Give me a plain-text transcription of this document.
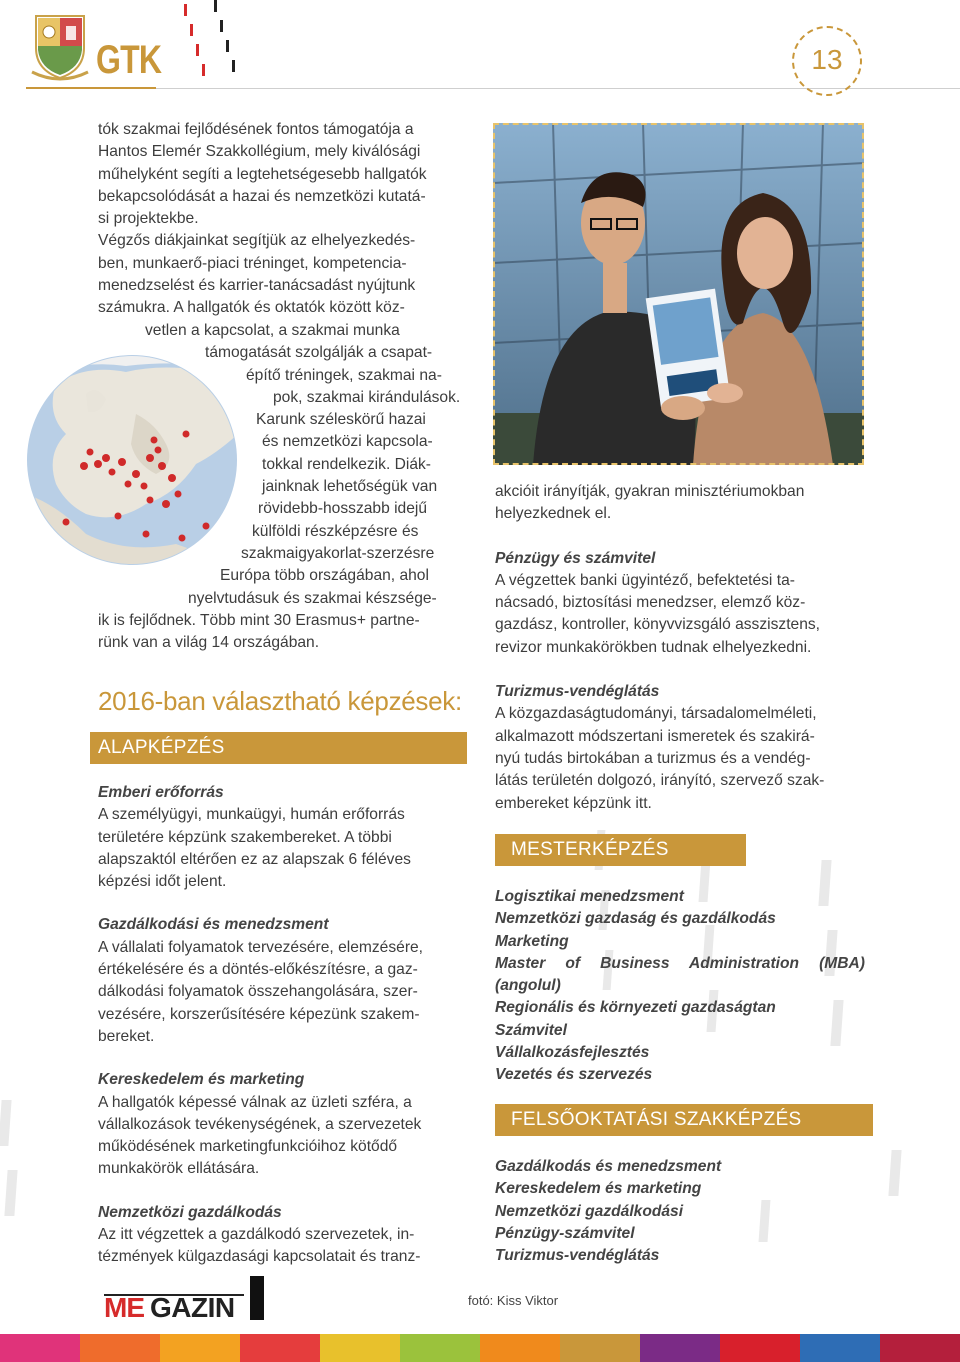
GTK	13
tók szakmai fejlődésének fontos támogatója a
Hantos Elemér Szakkollégium, mely kiválósági
műhelyként segíti a legtehetségesebb hallgatók
bekapcsolódását a hazai és nemzetközi kutatá-
si projektekbe.
Végzős diákjainkat segítjük az elhelyezkedés-
ben, munkaerő-piaci tréninget, kompetencia-
menedzselést és karrier-tanácsadást nyújtunk
számukra. A hallgatók és oktatók között köz-
vetlen a kapcsolat, a szakmai munka
támogatását szolgálják a csapat-
építő tréningek, szakmai na-
pok, szakmai kirándulások.
Karunk széleskörű hazai
és nemzetközi kapcsola-
tokkal rendelkezik. Diák-
jainknak lehetőségük van
rövidebb-hosszabb idejű
külföldi részképzésre és
szakmaigyakorlat-szerzésre
Európa több országában, ahol
nyelvtudásuk és szakmai készsége-
ik is fejlődnek. Több mint 30 Erasmus+ partne-
rünk van a világ 14 országában.
akcióit irányítják, gyakran minisztériumokban
helyezkednek el.
Pénzügy és számvitel
A végzettek banki ügyintéző, befektetési ta-
nácsadó, biztosítási menedzser, elemző köz-
gazdász, kontroller, könyvvizsgáló asszisztens,
revizor munkakörökben tudnak elhelyezkedni.
Turizmus-vendéglátás
A közgazdaságtudományi, társadalomelméleti,
alkalmazott módszertani ismeretek és szakirá-
nyú tudás birtokában a turizmus és a vendég-
látás területén dolgozó, irányító, szervező szak-
embereket képzünk itt.
2016-ban választható képzések:
ALAPKÉPZÉS
Emberi erőforrás
A személyügyi, munkaügyi, humán erőforrás
területére képzünk szakembereket. A többi
alapszaktól eltérően ez az alapszak 6 féléves
képzési időt jelent.
Gazdálkodási és menedzsment
A vállalati folyamatok tervezésére, elemzésére,
értékelésére és a döntés-előkészítésre, a gaz-
dálkodási folyamatok összehangolására, szer-
vezésére, korszerűsítésére képezünk szakem-
bereket.
Kereskedelem és marketing
A hallgatók képessé válnak az üzleti szféra, a
vállalkozások tevékenységének, a szervezetek
működésének marketingfunkcióihoz kötődő
munkakörök ellátására.
Nemzetközi gazdálkodás
Az itt végzettek a gazdálkodó szervezetek, in-
tézmények külgazdasági kapcsolatait és tranz-
MESTERKÉPZÉS
Logisztikai menedzsment
Nemzetközi gazdaság és gazdálkodás
Marketing
Master of Business Administration (MBA)
(angolul)
Regionális és környezeti gazdaságtan
Számvitel
Vállalkozásfejlesztés
Vezetés és szervezés
FELSŐOKTATÁSI SZAKKÉPZÉS
Gazdálkodás és menedzsment
Kereskedelem és marketing
Nemzetközi gazdálkodási
Pénzügy-számvitel
Turizmus-vendéglátás
ME GAZIN	fotó: Kiss Viktor
